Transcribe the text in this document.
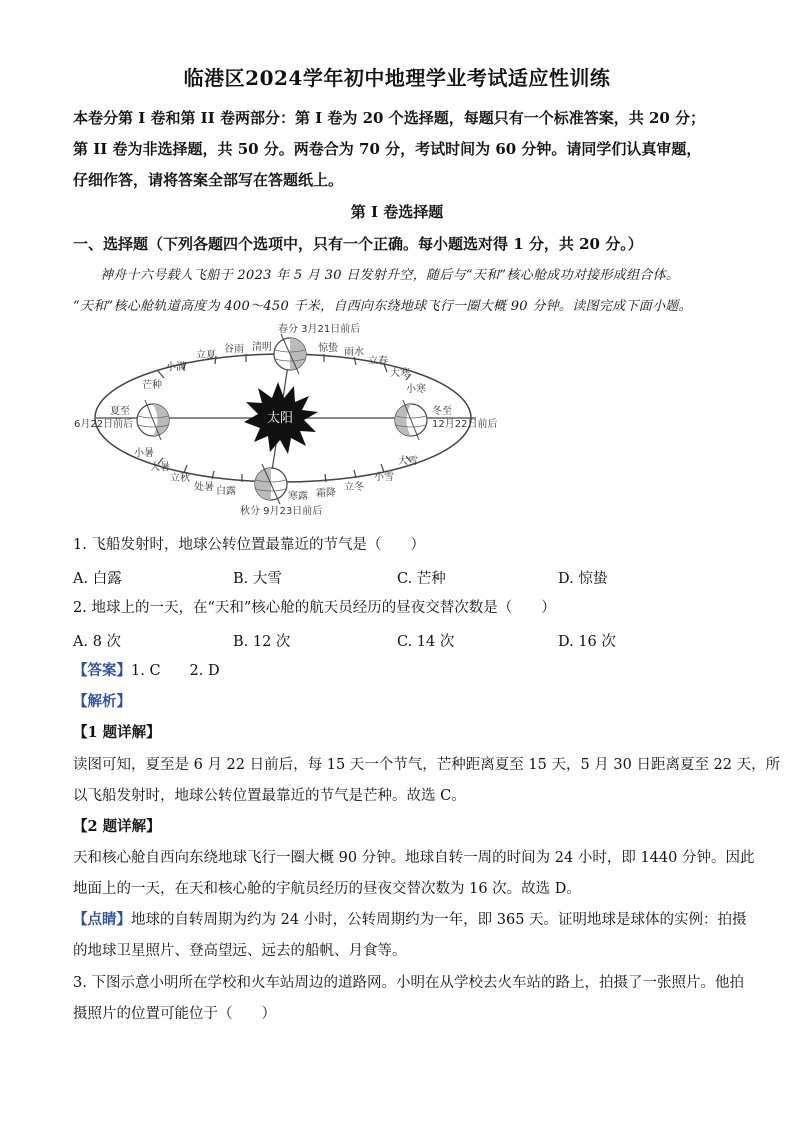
临港区2024学年初中地理学业考试适应性训练
本卷分第 I 卷和第 II 卷两部分：第 I 卷为 20 个选择题，每题只有一个标准答案，共 20 分；
第 II 卷为非选择题，共 50 分。两卷合为 70 分，考试时间为 60 分钟。请同学们认真审题，
仔细作答，请将答案全部写在答题纸上。
第 I 卷选择题
一、选择题（下列各题四个选项中，只有一个正确。每小题选对得 1 分，共 20 分。）
神舟十六号载人飞船于 2023 年 5 月 30 日发射升空，随后与“天和”核心舱成功对接形成组合体。
“天和”核心舱轨道高度为 400～450 千米，自西向东绕地球飞行一圈大概 90 分钟。读图完成下面小题。
太阳
春分 3月21日前后
秋分 9月23日前后
夏至
6月22日前后
冬至
12月22日前后
立夏
谷雨 清明	惊蛰 雨水
立春
大寒
小寒
大雪
小雪
立冬
霜降
寒露
白露
处暑
立秋
大暑
小暑
芒种
小满
1. 飞船发射时，地球公转位置最靠近的节气是（　　）
A. 白露	B. 大雪	C. 芒种	D. 惊蛰
2. 地球上的一天，在“天和”核心舱的航天员经历的昼夜交替次数是（　　）
A. 8 次	B. 12 次	C. 14 次	D. 16 次
【答案】1. C　　2. D
【解析】
【1 题详解】
读图可知，夏至是 6 月 22 日前后，每 15 天一个节气，芒种距离夏至 15 天，5 月 30 日距离夏至 22 天，所
以飞船发射时，地球公转位置最靠近的节气是芒种。故选 C。
【2 题详解】
天和核心舱自西向东绕地球飞行一圈大概 90 分钟。地球自转一周的时间为 24 小时，即 1440 分钟。因此
地面上的一天，在天和核心舱的宇航员经历的昼夜交替次数为 16 次。故选 D。
【点睛】地球的自转周期为约为 24 小时，公转周期约为一年，即 365 天。证明地球是球体的实例：拍摄
的地球卫星照片、登高望远、远去的船帆、月食等。
3. 下图示意小明所在学校和火车站周边的道路网。小明在从学校去火车站的路上，拍摄了一张照片。他拍
摄照片的位置可能位于（　　）
